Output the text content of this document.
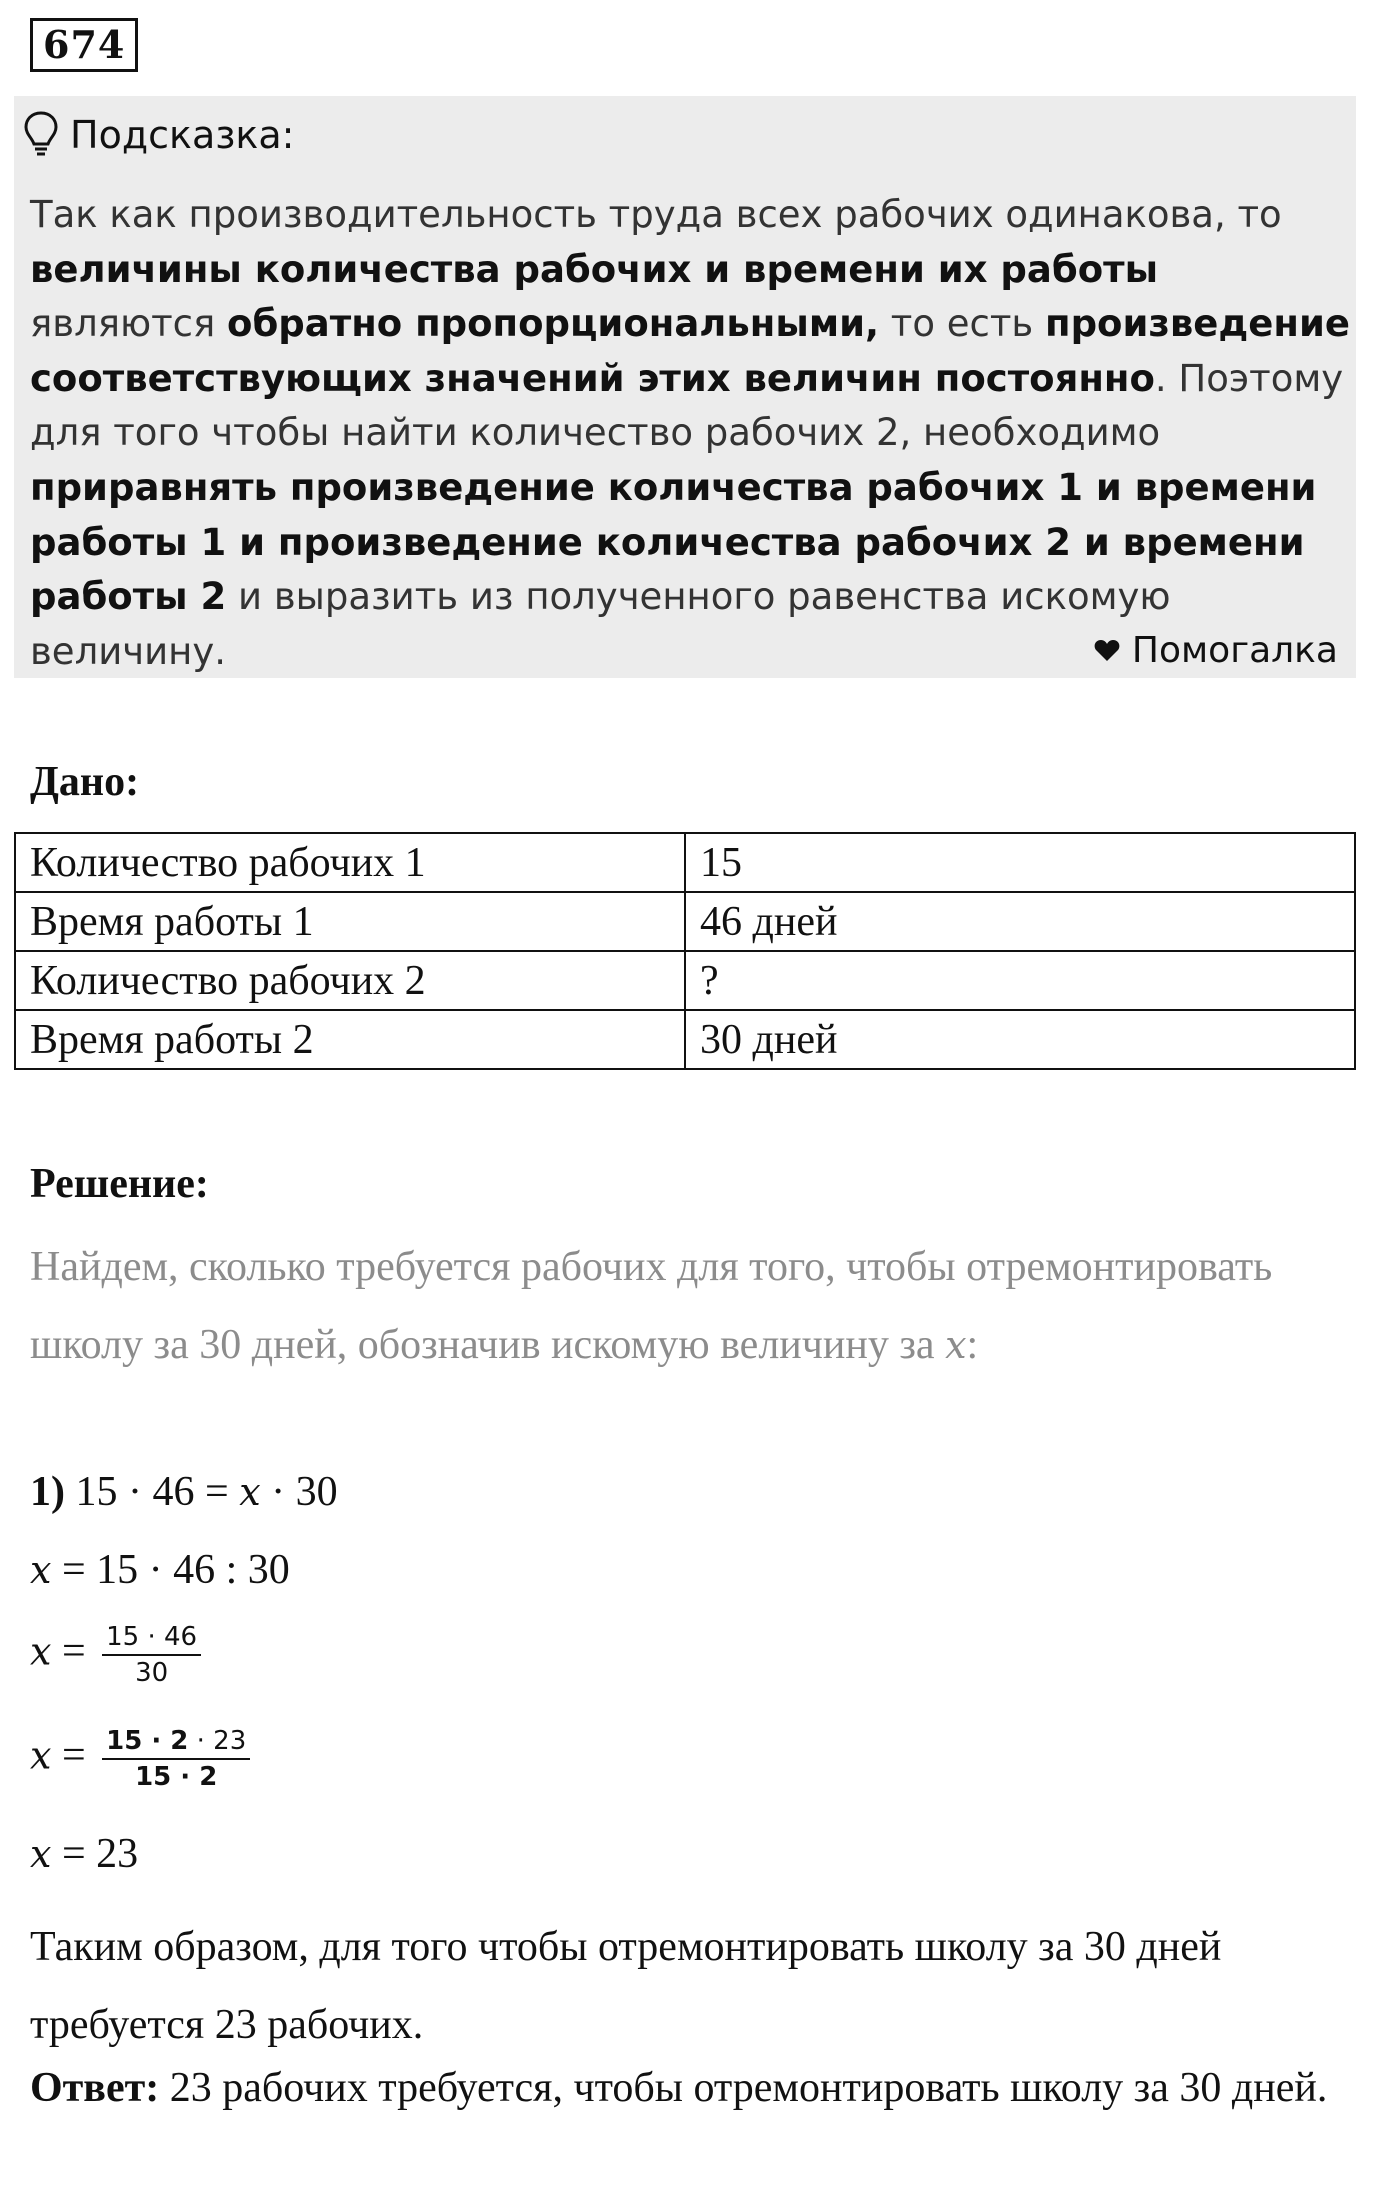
674
Подсказка:
Так как производительность труда всех рабочих одинакова, то величины количества рабочих и времени их работы являются обратно пропорциональными, то есть произведение соответствующих значений этих величин постоянно. Поэтому для того чтобы найти количество рабочих 2, необходимо приравнять произведение количества рабочих 1 и времени работы 1 и произведение количества рабочих 2 и времени работы 2 и выразить из полученного равенства искомую величину.	Помогалка
Дано:
Количество рабочих 1	15
Время работы 1	46 дней
Количество рабочих 2	?
Время работы 2	30 дней
Решение:
Найдем, сколько требуется рабочих для того, чтобы отремонтировать школу за 30 дней, обозначив искомую величину за x:
1) 15 · 46 = x · 30
x = 15 · 46 : 30
$x = \frac{15 \cdot 46}{30}$
$x = \frac{15 \cdot 2 \cdot 23}{15 \cdot 2}$
x = 23
Таким образом, для того чтобы отремонтировать школу за 30 дней требуется 23 рабочих.
Ответ: 23 рабочих требуется, чтобы отремонтировать школу за 30 дней.
